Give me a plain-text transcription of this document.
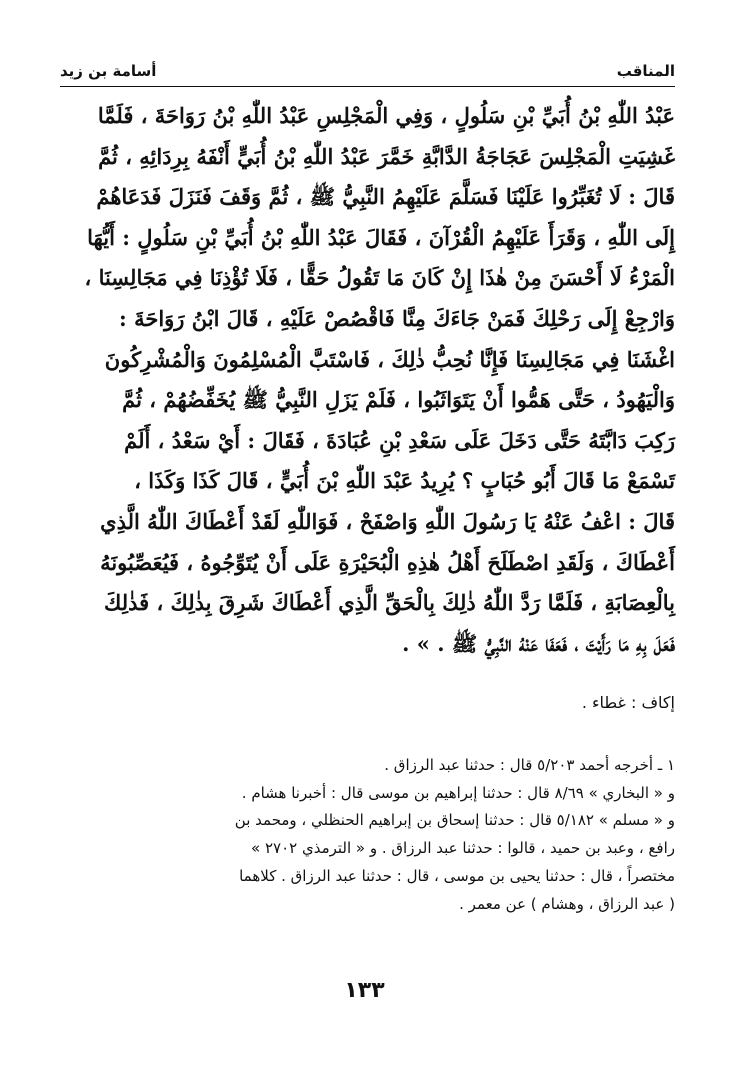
المناقب
أسامة بن زيد

عَبْدُ اللّٰهِ بْنُ أُبَيِّ بْنِ سَلُولٍ ، وَفِي الْمَجْلِسِ عَبْدُ اللّٰهِ بْنُ رَوَاحَةَ ، فَلَمَّا

غَشِيَتِ الْمَجْلِسَ عَجَاجَةُ الدَّابَّةِ خَمَّرَ عَبْدُ اللّٰهِ بْنُ أُبَيٍّ أَنْفَهُ بِرِدَائِهِ ، ثُمَّ

قَالَ : لَا تُغَبِّرُوا عَلَيْنَا فَسَلَّمَ عَلَيْهِمُ النَّبِيُّ ﷺ ، ثُمَّ وَقَفَ فَنَزَلَ فَدَعَاهُمْ

إِلَى اللّٰهِ ، وَقَرَأَ عَلَيْهِمُ الْقُرْآنَ ، فَقَالَ عَبْدُ اللّٰهِ بْنُ أُبَيِّ بْنِ سَلُولٍ : أَيُّهَا

الْمَرْءُ لَا أَحْسَنَ مِنْ هٰذَا إِنْ كَانَ مَا تَقُولُ حَقًّا ، فَلَا تُؤْذِنَا فِي مَجَالِسِنَا ،

وَارْجِعْ إِلَى رَحْلِكَ فَمَنْ جَاءَكَ مِنَّا فَاقْصُصْ عَلَيْهِ ، قَالَ ابْنُ رَوَاحَةَ :

اغْشَنَا فِي مَجَالِسِنَا فَإِنَّا نُحِبُّ ذٰلِكَ ، فَاسْتَبَّ الْمُسْلِمُونَ وَالْمُشْرِكُونَ

وَالْيَهُودُ ، حَتَّى هَمُّوا أَنْ يَتَوَاثَبُوا ، فَلَمْ يَزَلِ النَّبِيُّ ﷺ يُخَفِّضُهُمْ ، ثُمَّ

رَكِبَ دَابَّتَهُ حَتَّى دَخَلَ عَلَى سَعْدِ بْنِ عُبَادَةَ ، فَقَالَ : أَيْ سَعْدُ ، أَلَمْ

تَسْمَعْ مَا قَالَ أَبُو حُبَابٍ ؟ يُرِيدُ عَبْدَ اللّٰهِ بْنَ أُبَيٍّ ، قَالَ كَذَا وَكَذَا ،

قَالَ : اعْفُ عَنْهُ يَا رَسُولَ اللّٰهِ وَاصْفَحْ ، فَوَاللّٰهِ لَقَدْ أَعْطَاكَ اللّٰهُ الَّذِي

أَعْطَاكَ ، وَلَقَدِ اصْطَلَحَ أَهْلُ هٰذِهِ الْبُحَيْرَةِ عَلَى أَنْ يُتَوِّجُوهُ ، فَيُعَصِّبُونَهُ

بِالْعِصَابَةِ ، فَلَمَّا رَدَّ اللّٰهُ ذٰلِكَ بِالْحَقِّ الَّذِي أَعْطَاكَ شَرِقَ بِذٰلِكَ ، فَذٰلِكَ

فَعَلَ بِهِ مَا رَأَيْتَ ، فَعَفَا عَنْهُ النَّبِيُّ ﷺ . » .

إكاف : غطاء .

١ ـ أخرجه أحمد ٥/٢٠٣ قال : حدثنا عبد الرزاق .

و « البخاري » ٨/٦٩ قال : حدثنا إبراهيم بن موسى قال : أخبرنا هشام .

و « مسلم » ٥/١٨٢ قال : حدثنا إسحاق بن إبراهيم الحنظلي ، ومحمد بن

رافع ، وعبد بن حميد ، قالوا : حدثنا عبد الرزاق . و « الترمذي ٢٧٠٢ »

مختصراً ، قال : حدثنا يحيى بن موسى ، قال : حدثنا عبد الرزاق . كلاهما

( عبد الرزاق ، وهشام ) عن معمر .

١٣٣
